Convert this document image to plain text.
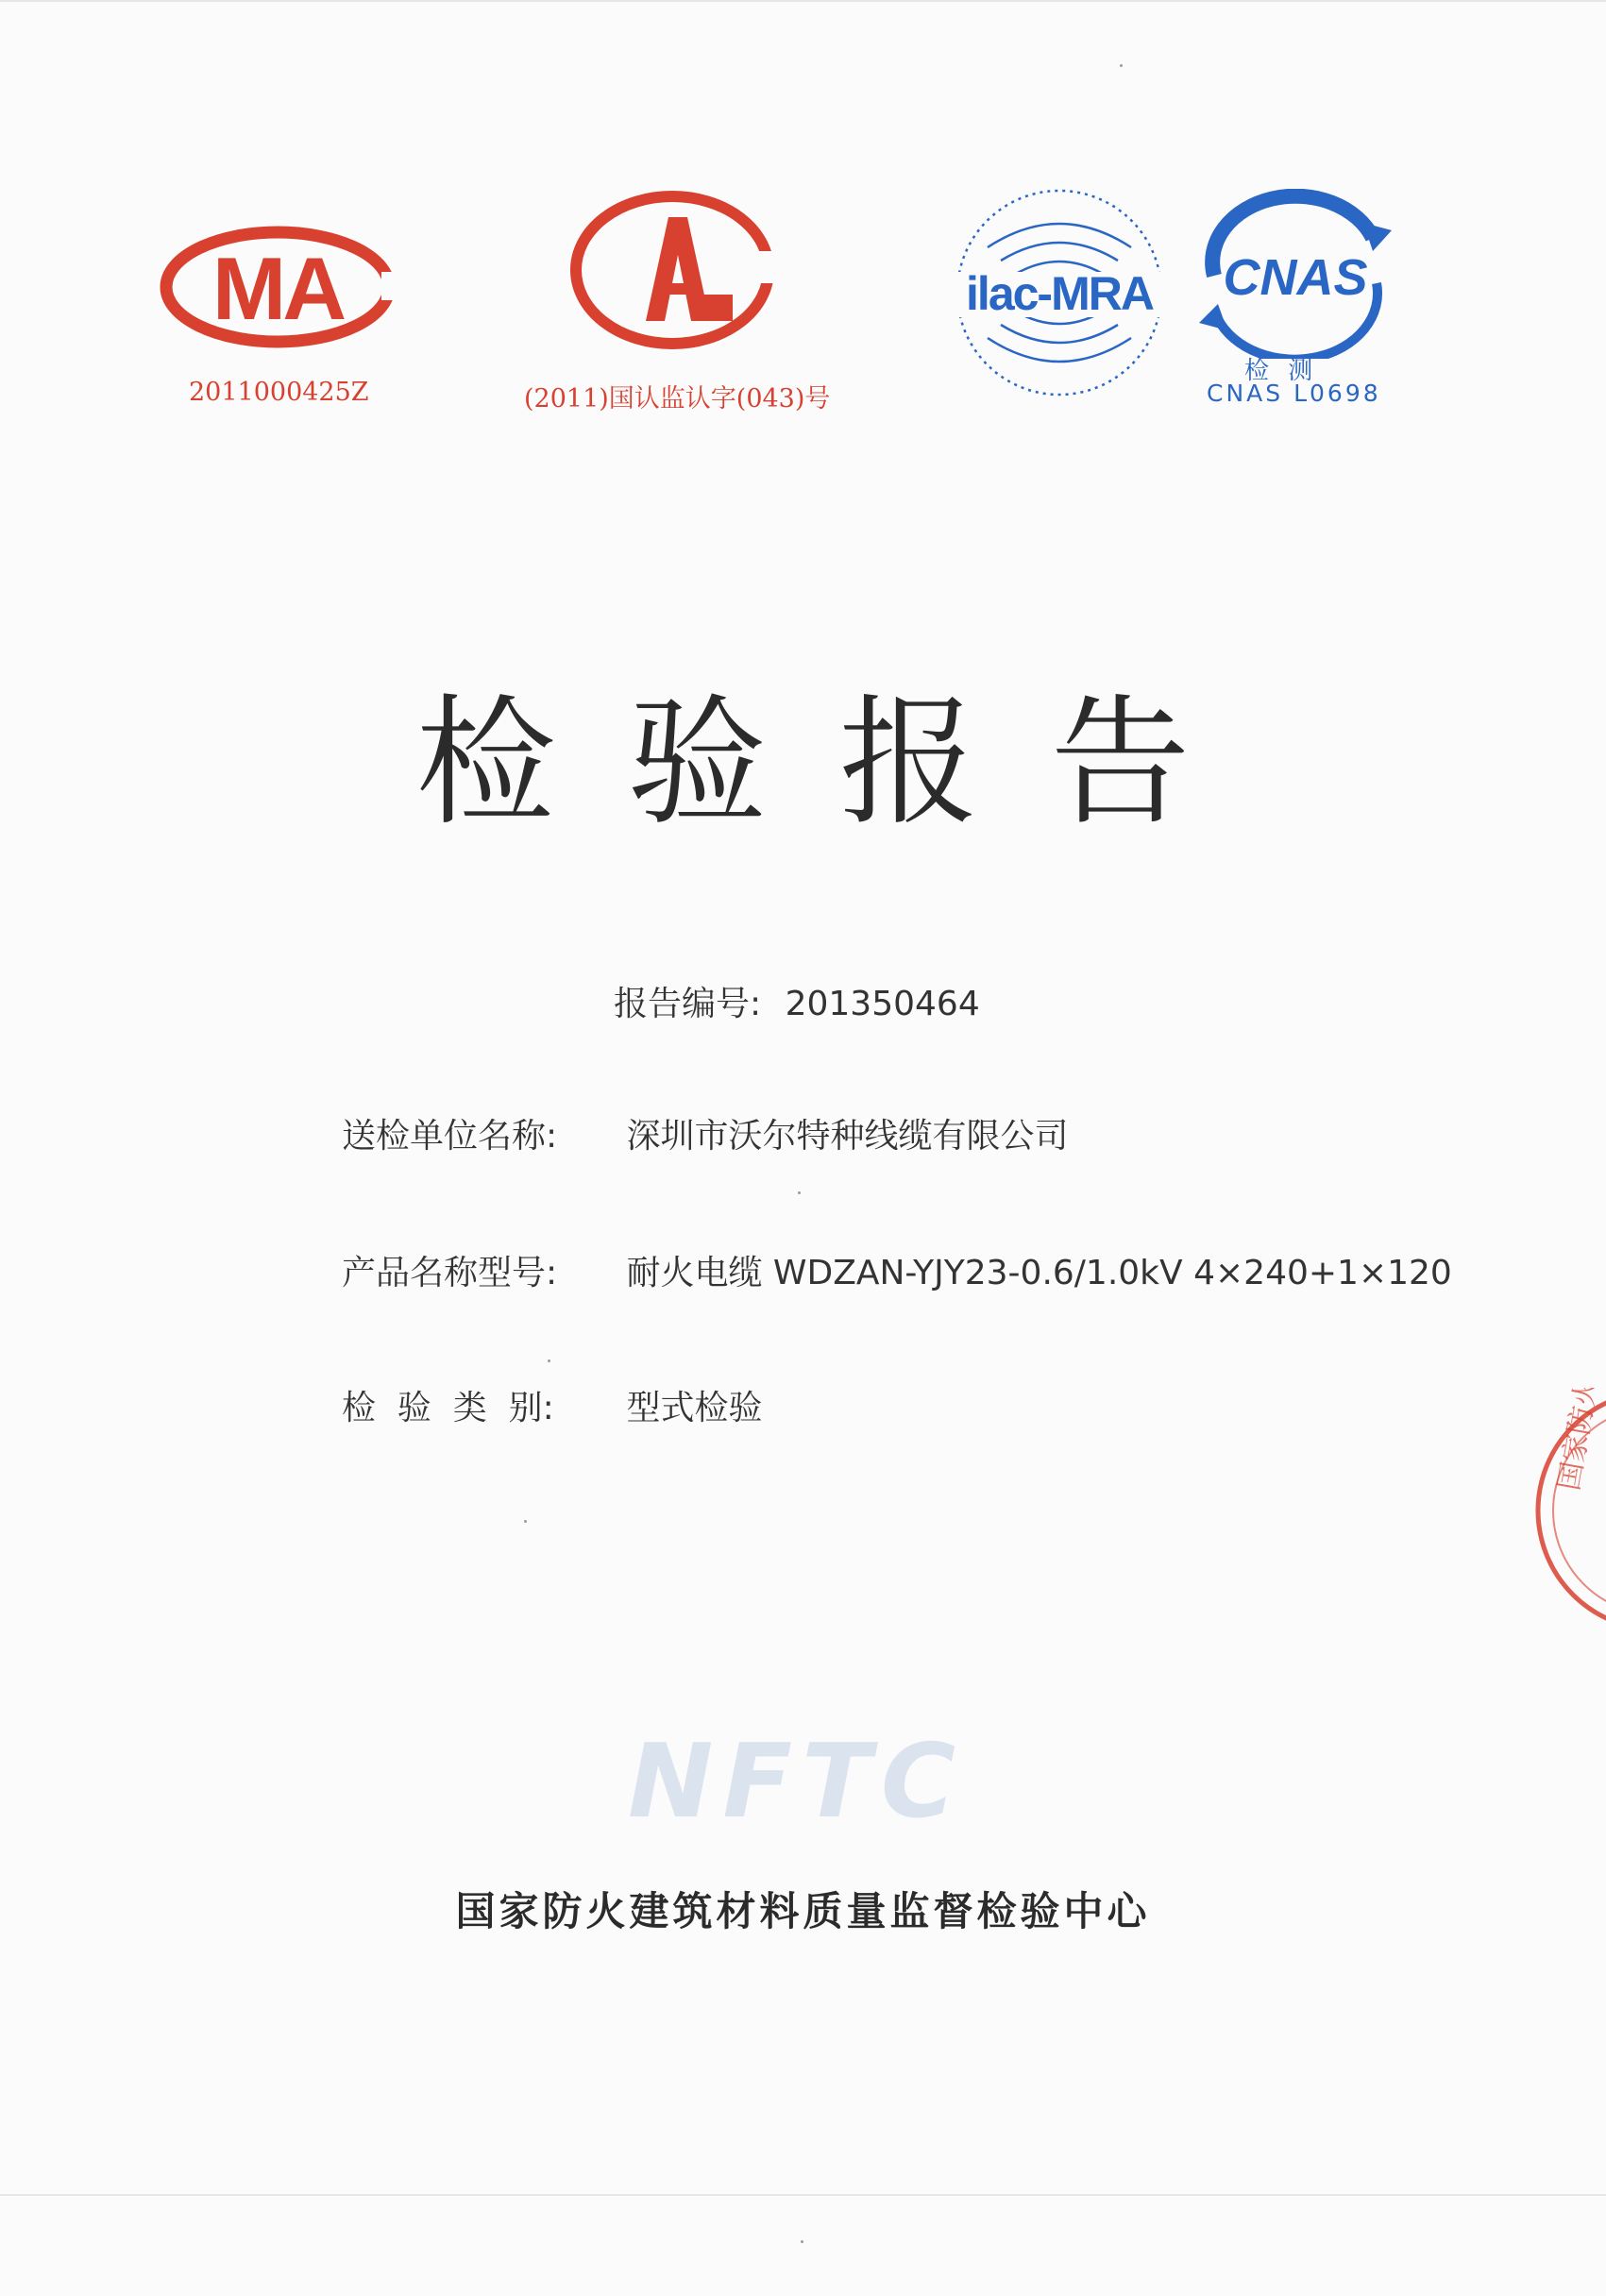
MA
2011000425Z	(2011)国认监认字(043)号
ilac-MRA CNAS
检 测
CNAS L0698
检验报告
报告编号: 201350464
送检单位名称: 深圳市沃尔特种线缆有限公司
产品名称型号: 耐火电缆 WDZAN-YJY23-0.6/1.0kV 4×240+1×120
检  验  类  别: 型式检验
NFTC
国家防火建筑材料质量监督检验中心
国家防火
